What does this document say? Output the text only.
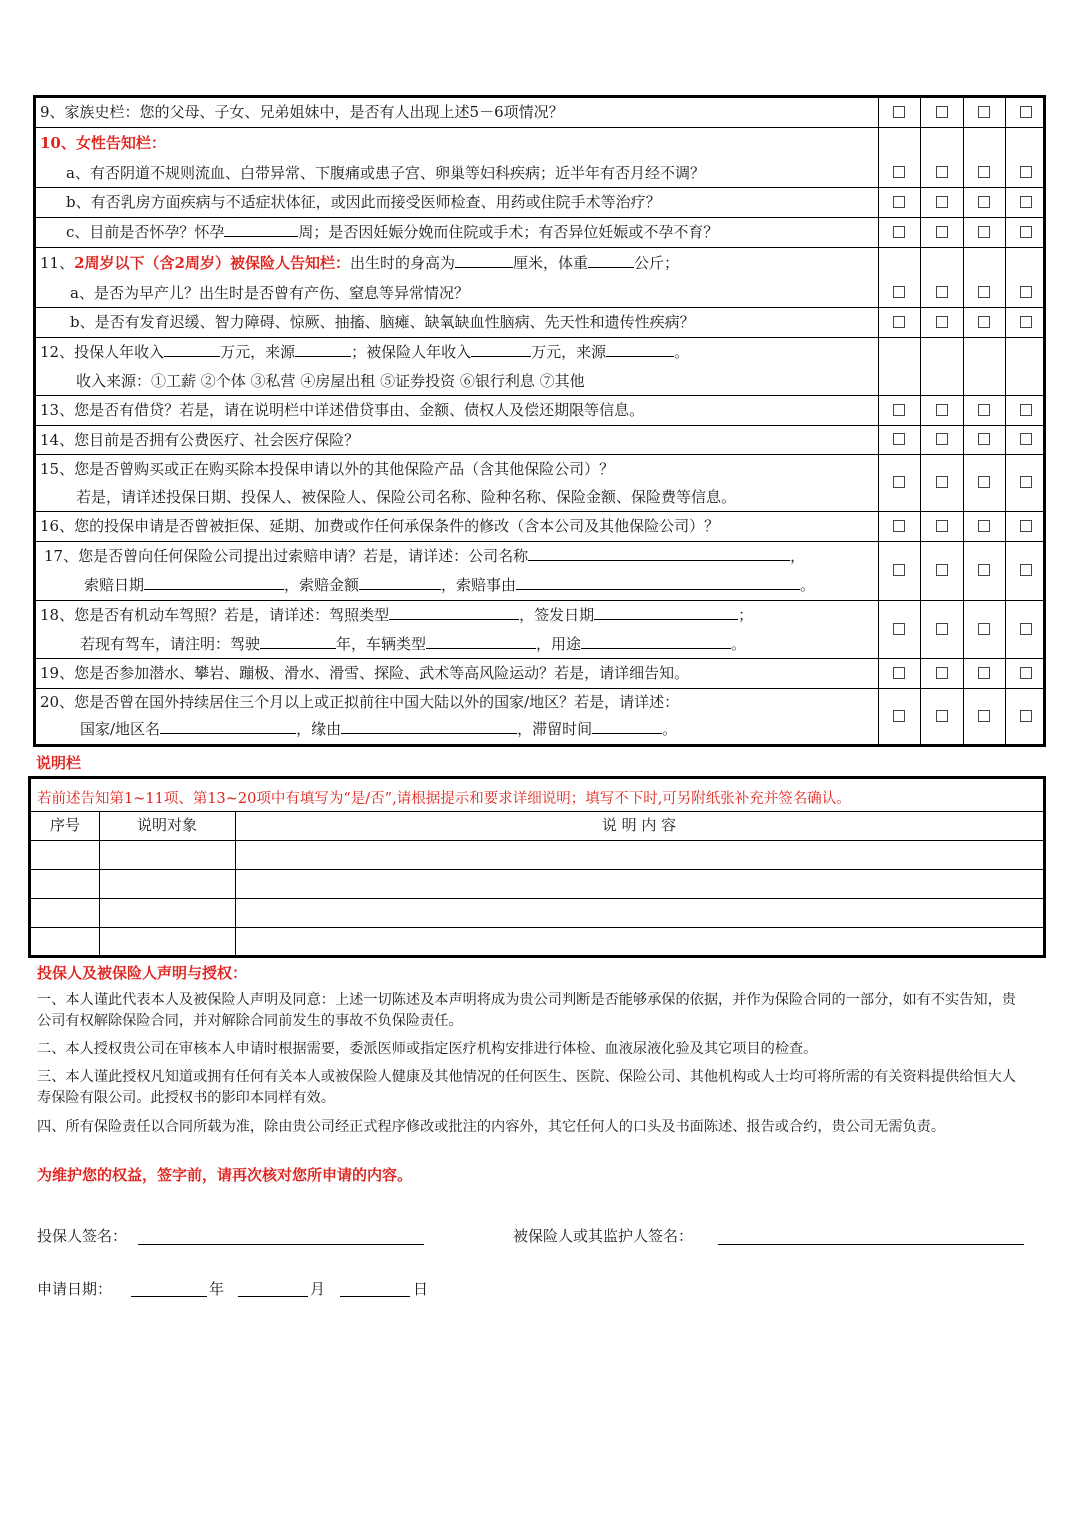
9、家族史栏：您的父母、子女、兄弟姐妹中，是否有人出现上述5－6项情况？
10、女性告知栏：
a、有否阴道不规则流血、白带异常、下腹痛或患子宫、卵巢等妇科疾病；近半年有否月经不调？
b、有否乳房方面疾病与不适症状体征，或因此而接受医师检查、用药或住院手术等治疗？
c、目前是否怀孕？怀孕	周；是否因妊娠分娩而住院或手术；有否异位妊娠或不孕不育？
11、2周岁以下（含2周岁）被保险人告知栏：出生时的身高为	厘米，体重	公斤；
a、是否为早产儿？出生时是否曾有产伤、窒息等异常情况？
b、是否有发育迟缓、智力障碍、惊厥、抽搐、脑瘫、缺氧缺血性脑病、先天性和遗传性疾病？
12、投保人年收入	万元，来源	；被保险人年收入	万元，来源	。
收入来源：①工薪 ②个体 ③私营 ④房屋出租 ⑤证券投资 ⑥银行利息 ⑦其他
13、您是否有借贷？若是，请在说明栏中详述借贷事由、金额、债权人及偿还期限等信息。
14、您目前是否拥有公费医疗、社会医疗保险？
15、您是否曾购买或正在购买除本投保申请以外的其他保险产品（含其他保险公司）？
若是，请详述投保日期、投保人、被保险人、保险公司名称、险种名称、保险金额、保险费等信息。
16、您的投保申请是否曾被拒保、延期、加费或作任何承保条件的修改（含本公司及其他保险公司）？
17、您是否曾向任何保险公司提出过索赔申请？若是，请详述：公司名称	，
索赔日期	，索赔金额	，索赔事由	。
18、您是否有机动车驾照？若是，请详述：驾照类型	，签发日期	；
若现有驾车，请注明：驾驶	年，车辆类型	，用途	。
19、您是否参加潜水、攀岩、蹦极、滑水、滑雪、探险、武术等高风险运动？若是，请详细告知。
20、您是否曾在国外持续居住三个月以上或正拟前往中国大陆以外的国家/地区？若是，请详述：
国家/地区名	，缘由	，滞留时间	。
说明栏
若前述告知第1~11项、第13~20项中有填写为“是/否”,请根据提示和要求详细说明；填写不下时,可另附纸张补充并签名确认。
序号	说明对象	说 明 内 容
投保人及被保险人声明与授权：
一、本人谨此代表本人及被保险人声明及同意：上述一切陈述及本声明将成为贵公司判断是否能够承保的依据，并作为保险合同的一部分，如有不实告知，贵公司有权解除保险合同，并对解除合同前发生的事故不负保险责任。
二、本人授权贵公司在审核本人申请时根据需要，委派医师或指定医疗机构安排进行体检、血液尿液化验及其它项目的检查。
三、本人谨此授权凡知道或拥有任何有关本人或被保险人健康及其他情况的任何医生、医院、保险公司、其他机构或人士均可将所需的有关资料提供给恒大人寿保险有限公司。此授权书的影印本同样有效。
四、所有保险责任以合同所载为准，除由贵公司经正式程序修改或批注的内容外，其它任何人的口头及书面陈述、报告或合约，贵公司无需负责。
为维护您的权益，签字前，请再次核对您所申请的内容。
投保人签名：	被保险人或其监护人签名：
申请日期：	年	月	日
